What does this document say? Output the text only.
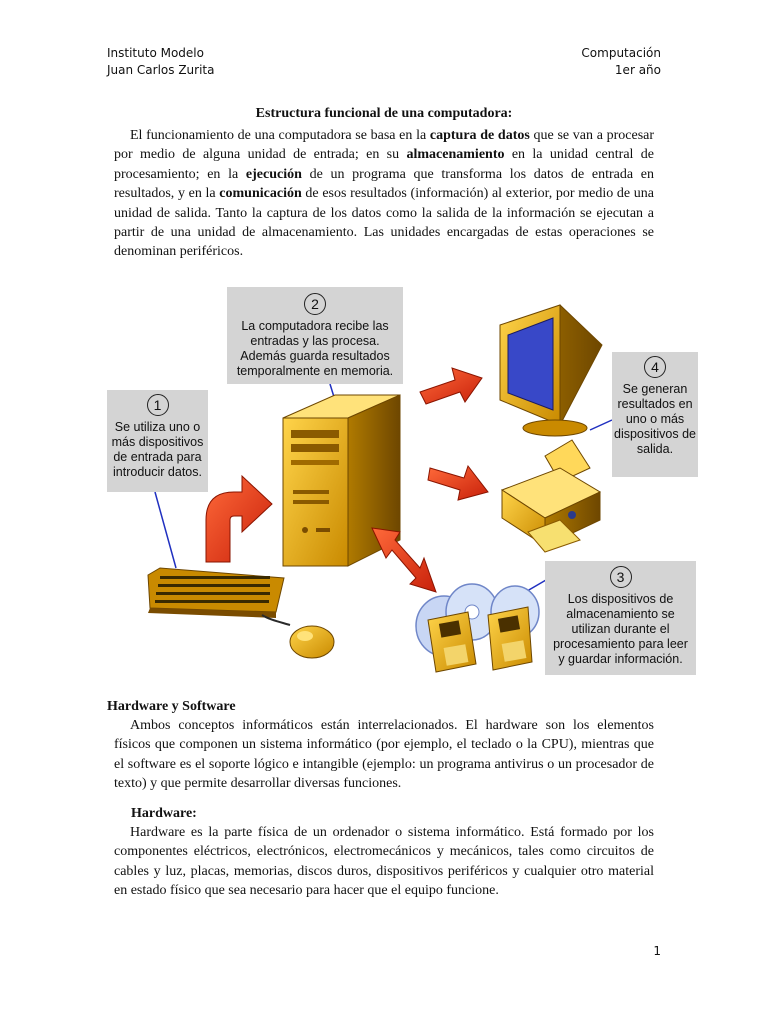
Instituto Modelo
Juan Carlos Zurita
Computación
1er año
Estructura funcional de una computadora:
El funcionamiento de una computadora se basa en la captura de datos que se van a procesar por medio de alguna unidad de entrada; en su almacenamiento en la unidad central de procesamiento; en la ejecución de un programa que transforma los datos de entrada en resultados, y en la comunicación de esos resultados (información) al exterior, por medio de una unidad de salida. Tanto la captura de los datos como la salida de la información se ejecutan a partir de una unidad de almacenamiento. Las unidades encargadas de estas operaciones se denominan periféricos.
1
Se utiliza uno o más dispositivos de entrada para introducir datos.
2
La computadora recibe las entradas y las procesa. Además guarda resultados temporalmente en memoria.
3
Los dispositivos de almacenamiento se utilizan durante el procesamiento para leer y guardar información.
4
Se generan resultados en uno o más dispositivos de salida.
Hardware y Software
Ambos conceptos informáticos están interrelacionados. El hardware son los elementos físicos que componen un sistema informático (por ejemplo, el teclado o la CPU), mientras que el software es el soporte lógico e intangible (ejemplo: un programa antivirus o un procesador de texto) y que permite desarrollar diversas funciones.
Hardware:
Hardware es la parte física de un ordenador o sistema informático. Está formado por los componentes eléctricos, electrónicos, electromecánicos y mecánicos, tales como circuitos de cables y luz, placas, memorias, discos duros, dispositivos periféricos y cualquier otro material en estado físico que sea necesario para hacer que el equipo funcione.
1
